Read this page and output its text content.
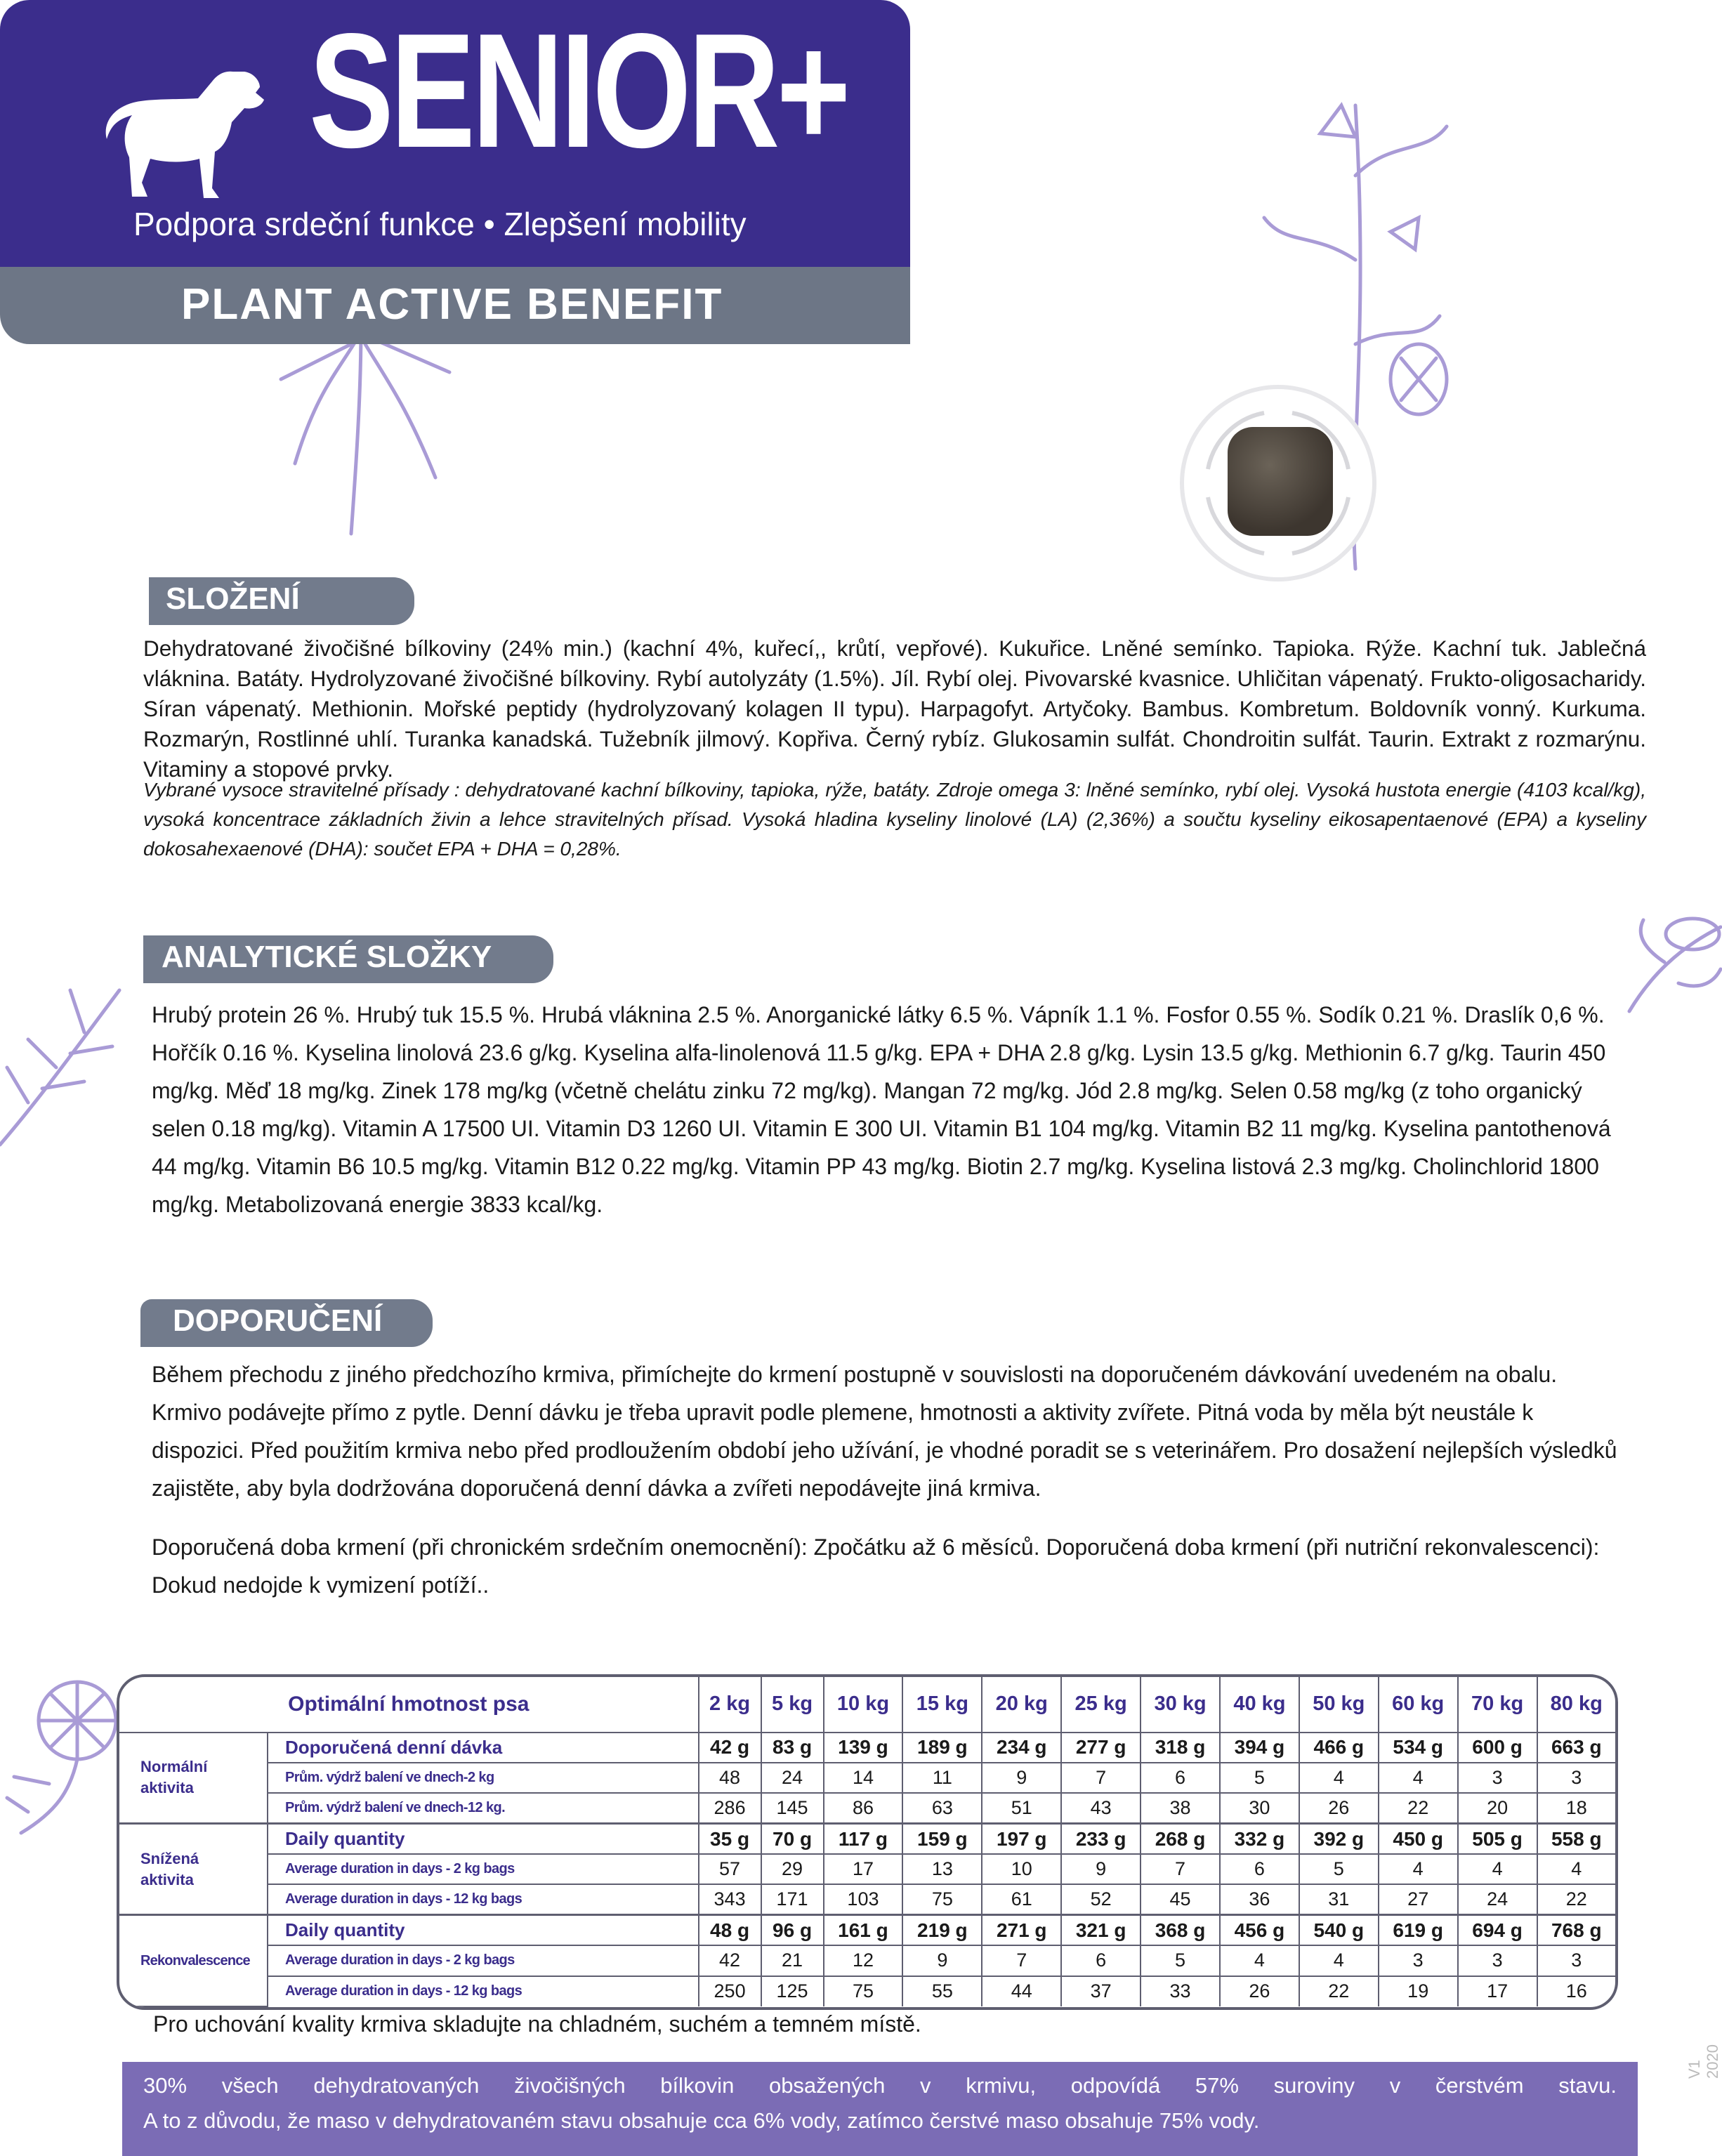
SENIOR+
Podpora srdeční funkce • Zlepšení mobility
PLANT ACTIVE BENEFIT
SLOŽENÍ
Dehydratované živočišné bílkoviny (24% min.) (kachní 4%, kuřecí,, krůtí, vepřové). Kukuřice. Lněné semínko. Tapioka. Rýže. Kachní tuk. Jablečná vláknina. Batáty. Hydrolyzované živočišné bílkoviny. Rybí autolyzáty (1.5%). Jíl. Rybí olej. Pivovarské kvasnice. Uhličitan vápenatý. Frukto-oligosacharidy. Síran vápenatý. Methionin. Mořské peptidy (hydrolyzovaný kolagen II typu). Harpagofyt. Artyčoky. Bambus. Kombretum. Boldovník vonný. Kurkuma. Rozmarýn, Rostlinné uhlí. Turanka kanadská. Tužebník jilmový. Kopřiva. Černý rybíz. Glukosamin sulfát. Chondroitin sulfát. Taurin. Extrakt z rozmarýnu. Vitaminy a stopové prvky.
Vybrané vysoce stravitelné přísady : dehydratované kachní bílkoviny, tapioka, rýže, batáty. Zdroje omega 3: lněné semínko, rybí olej. Vysoká hustota energie (4103 kcal/kg), vysoká koncentrace základních živin a lehce stravitelných přísad. Vysoká hladina kyseliny linolové (LA) (2,36%) a součtu kyseliny eikosapentaenové (EPA) a kyseliny dokosahexaenové (DHA): součet EPA + DHA = 0,28%.
ANALYTICKÉ SLOŽKY
Hrubý protein 26 %. Hrubý tuk 15.5 %. Hrubá vláknina 2.5 %. Anorganické látky 6.5 %. Vápník 1.1 %. Fosfor 0.55 %. Sodík 0.21 %. Draslík 0,6 %. Hořčík 0.16 %. Kyselina linolová 23.6 g/kg. Kyselina alfa-linolenová 11.5 g/kg. EPA + DHA 2.8 g/kg. Lysin 13.5 g/kg. Methionin 6.7 g/kg. Taurin 450 mg/kg. Měď 18 mg/kg. Zinek 178 mg/kg (včetně chelátu zinku 72 mg/kg). Mangan 72 mg/kg. Jód 2.8 mg/kg. Selen 0.58 mg/kg (z toho organický selen 0.18 mg/kg). Vitamin A 17500 UI. Vitamin D3 1260 UI. Vitamin E 300 UI. Vitamin B1 104 mg/kg. Vitamin B2 11 mg/kg. Kyselina pantothenová 44 mg/kg. Vitamin B6 10.5 mg/kg. Vitamin B12 0.22 mg/kg. Vitamin PP 43 mg/kg. Biotin 2.7 mg/kg. Kyselina listová 2.3 mg/kg. Cholinchlorid 1800 mg/kg. Metabolizovaná energie 3833 kcal/kg.
DOPORUČENÍ
Během přechodu z jiného předchozího krmiva, přimíchejte do krmení postupně v souvislosti na doporučeném dávkování uvedeném na obalu. Krmivo podávejte přímo z pytle. Denní dávku je třeba upravit podle plemene, hmotnosti a aktivity zvířete. Pitná voda by měla být neustále k dispozici. Před použitím krmiva nebo před prodloužením období jeho užívání, je vhodné poradit se s veterinářem. Pro dosažení nejlepších výsledků zajistěte, aby byla dodržována doporučená denní dávka a zvířeti nepodávejte jiná krmiva.
Doporučená doba krmení (při chronickém srdečním onemocnění): Zpočátku až 6 měsíců. Doporučená doba krmení (při nutriční rekonvalescenci): Dokud nedojde k vymizení potíží..
Optimální hmotnost psa		2 kg	5 kg	10 kg	15 kg	20 kg	25 kg	30 kg	40 kg	50 kg	60 kg	70 kg	80 kg

Normální
aktivita	Doporučená denní dávka	42 g	83 g	139 g	189 g	234 g	277 g	318 g	394 g	466 g	534 g	600 g	663 g
	Prům. výdrž balení ve dnech-2 kg	48	24	14	11	9	7	6	5	4	4	3	3
	Prům. výdrž balení ve dnech-12 kg.	286	145	86	63	51	43	38	30	26	22	20	18

Snížená
aktivita	Daily quantity	35 g	70 g	117 g	159 g	197 g	233 g	268 g	332 g	392 g	450 g	505 g	558 g
	Average duration in days - 2 kg bags	57	29	17	13	10	9	7	6	5	4	4	4
	Average duration in days - 12 kg bags	343	171	103	75	61	52	45	36	31	27	24	22

Rekonvalescence	Daily quantity	48 g	96 g	161 g	219 g	271 g	321 g	368 g	456 g	540 g	619 g	694 g	768 g
	Average duration in days - 2 kg bags	42	21	12	9	7	6	5	4	4	3	3	3
	Average duration in days - 12 kg bags	250	125	75	55	44	37	33	26	22	19	17	16
Pro uchování kvality krmiva skladujte na chladném, suchém a temném místě.
30% všech dehydratovaných živočišných bílkovin obsažených v krmivu, odpovídá 57% suroviny v čerstvém stavu.
A to z důvodu, že maso v dehydratovaném stavu obsahuje cca 6% vody, zatímco čerstvé maso obsahuje 75% vody.
V1 2020
